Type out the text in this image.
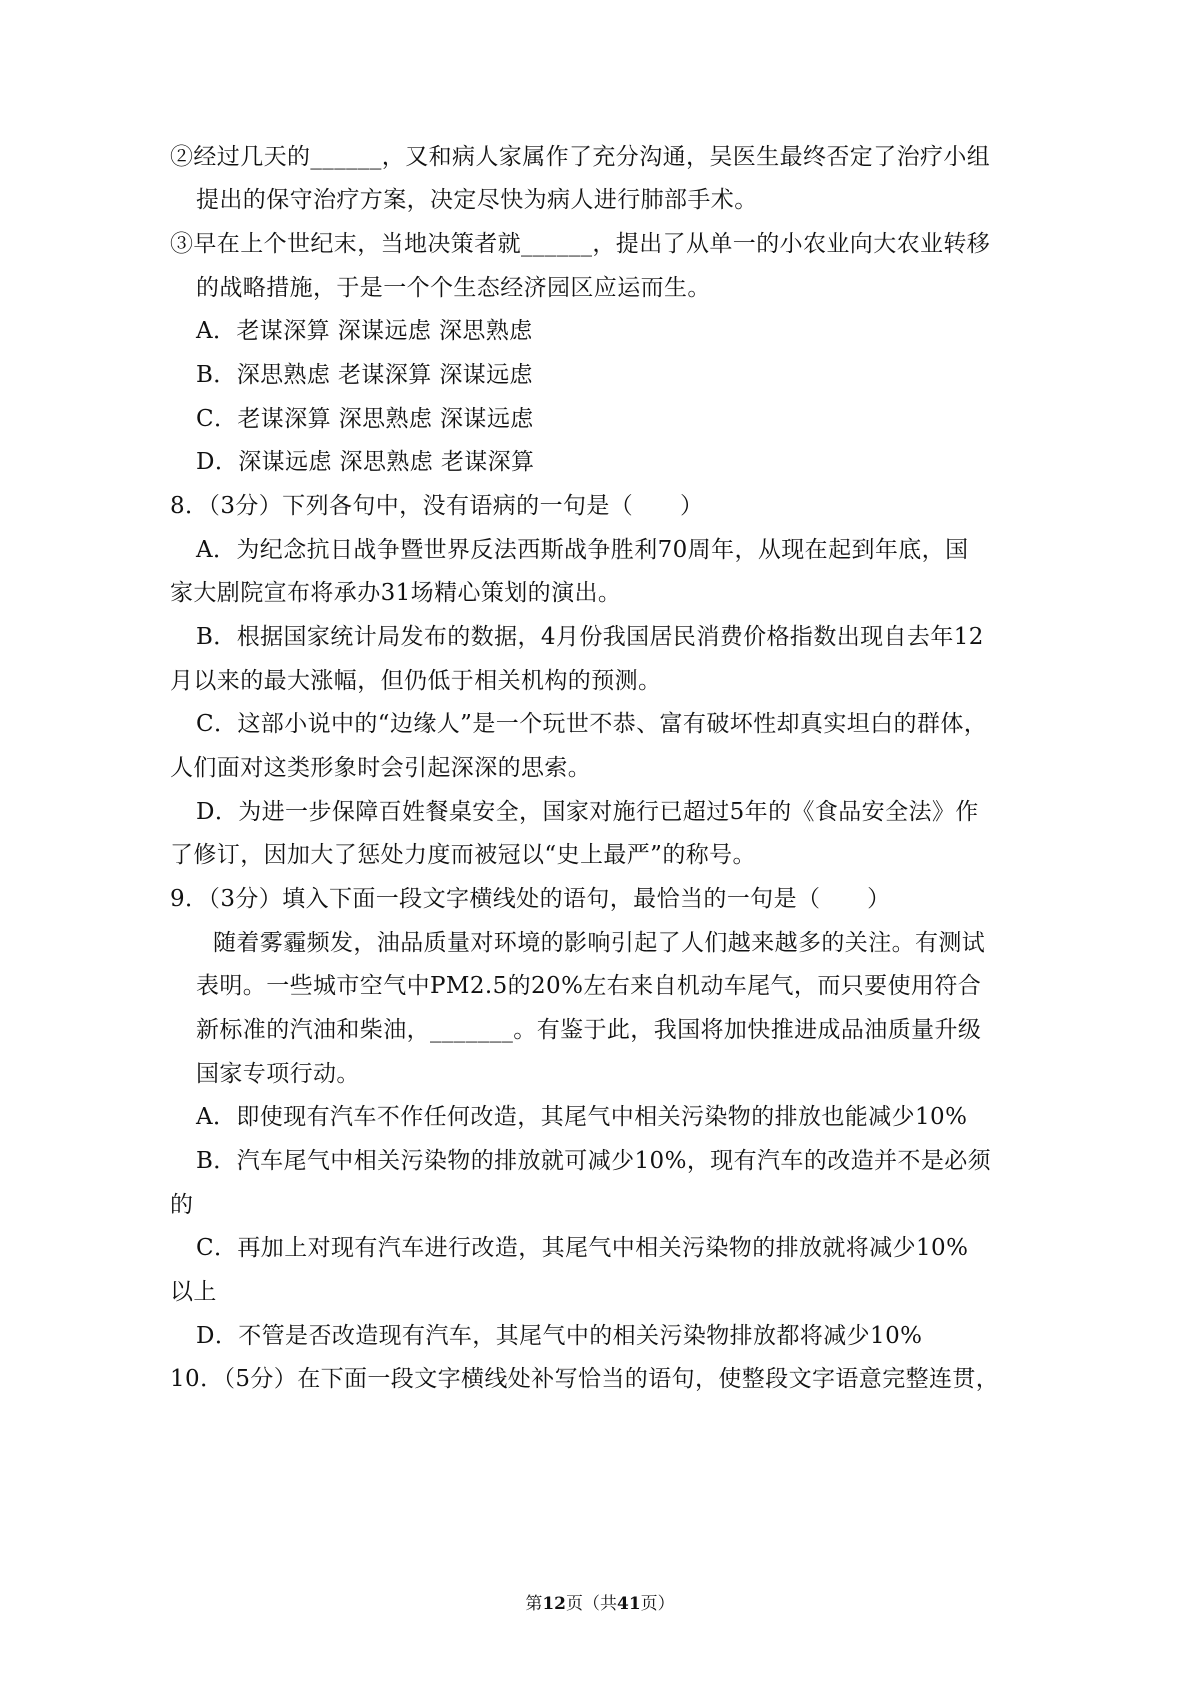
②经过几天的______，又和病人家属作了充分沟通，吴医生最终否定了治疗小组
提出的保守治疗方案，决定尽快为病人进行肺部手术。
③早在上个世纪末，当地决策者就______，提出了从单一的小农业向大农业转移
的战略措施，于是一个个生态经济园区应运而生。
A．老谋深算 深谋远虑 深思熟虑
B．深思熟虑 老谋深算 深谋远虑
C．老谋深算 深思熟虑 深谋远虑
D．深谋远虑 深思熟虑 老谋深算
8．（3分）下列各句中，没有语病的一句是（　　）
A．为纪念抗日战争暨世界反法西斯战争胜利70周年，从现在起到年底，国
家大剧院宣布将承办31场精心策划的演出。
B．根据国家统计局发布的数据，4月份我国居民消费价格指数出现自去年12
月以来的最大涨幅，但仍低于相关机构的预测。
C．这部小说中的“边缘人”是一个玩世不恭、富有破坏性却真实坦白的群体，
人们面对这类形象时会引起深深的思索。
D．为进一步保障百姓餐桌安全，国家对施行已超过5年的《食品安全法》作
了修订，因加大了惩处力度而被冠以“史上最严”的称号。
9．（3分）填入下面一段文字横线处的语句，最恰当的一句是（　　）
随着雾霾频发，油品质量对环境的影响引起了人们越来越多的关注。有测试
表明。一些城市空气中PM2.5的20%左右来自机动车尾气，而只要使用符合
新标准的汽油和柴油，_______。有鉴于此，我国将加快推进成品油质量升级
国家专项行动。
A．即使现有汽车不作任何改造，其尾气中相关污染物的排放也能减少10%
B．汽车尾气中相关污染物的排放就可减少10%，现有汽车的改造并不是必须
的
C．再加上对现有汽车进行改造，其尾气中相关污染物的排放就将减少10%
以上
D．不管是否改造现有汽车，其尾气中的相关污染物排放都将减少10%
10．（5分）在下面一段文字横线处补写恰当的语句，使整段文字语意完整连贯，
第12页（共41页）
